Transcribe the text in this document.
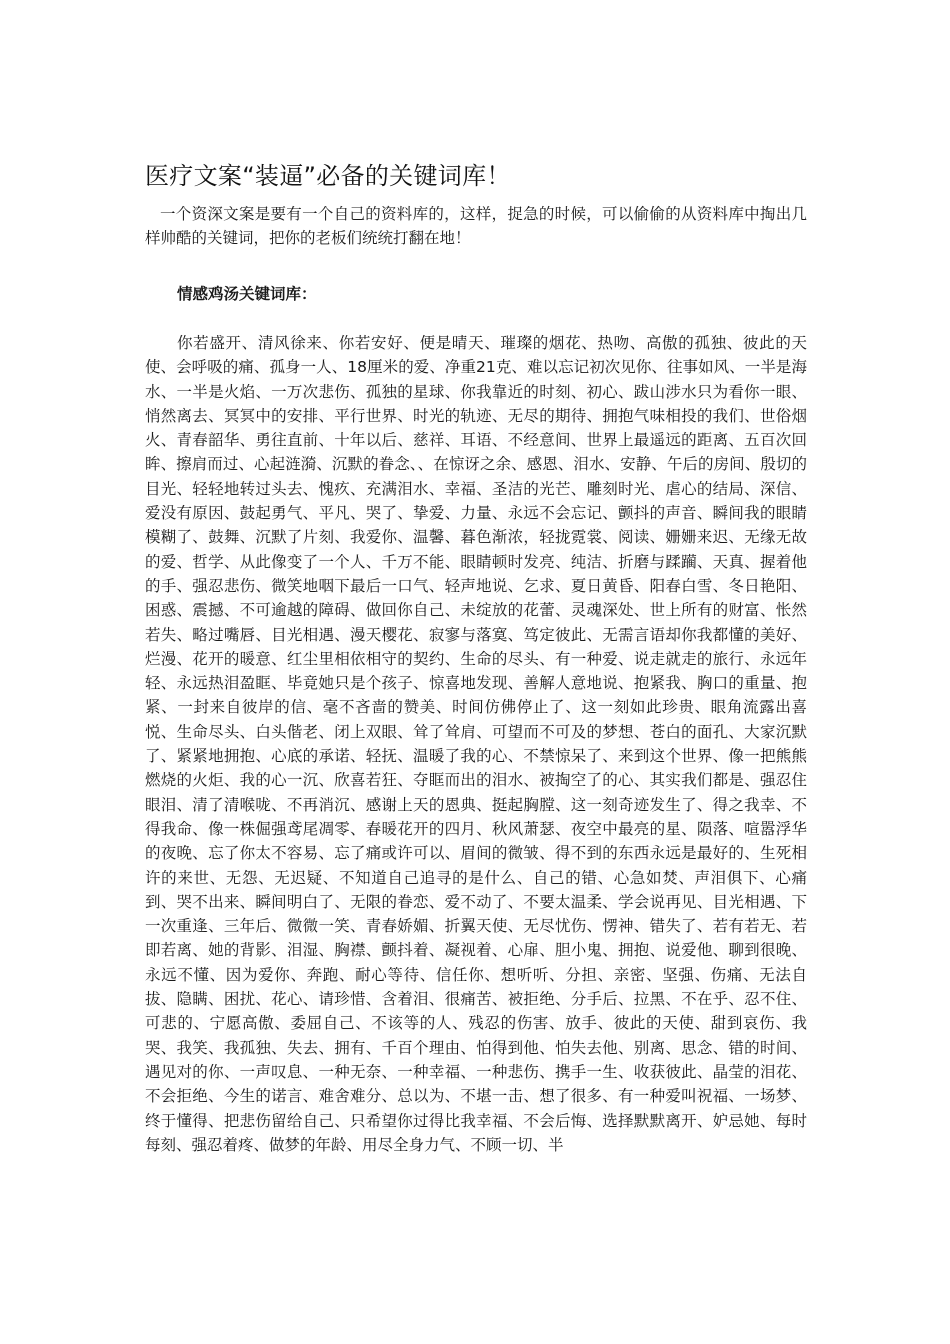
医疗文案“装逼”必备的关键词库！

一个资深文案是要有一个自己的资料库的，这样，捉急的时候，可以偷偷的从资料库中掏出几样帅酷的关键词，把你的老板们统统打翻在地！

情感鸡汤关键词库：

你若盛开、清风徐来、你若安好、便是晴天、璀璨的烟花、热吻、高傲的孤独、彼此的天使、会呼吸的痛、孤身一人、18厘米的爱、净重21克、难以忘记初次见你、往事如风、一半是海水、一半是火焰、一万次悲伤、孤独的星球、你我靠近的时刻、初心、跋山涉水只为看你一眼、悄然离去、冥冥中的安排、平行世界、时光的轨迹、无尽的期待、拥抱气味相投的我们、世俗烟火、青春韶华、勇往直前、十年以后、慈祥、耳语、不经意间、世界上最遥远的距离、五百次回眸、擦肩而过、心起涟漪、沉默的眷念、、在惊讶之余、感恩、泪水、安静、午后的房间、殷切的目光、轻轻地转过头去、愧疚、充满泪水、幸福、圣洁的光芒、雕刻时光、虐心的结局、深信、爱没有原因、鼓起勇气、平凡、哭了、挚爱、力量、永远不会忘记、颤抖的声音、瞬间我的眼睛模糊了、鼓舞、沉默了片刻、我爱你、温馨、暮色渐浓，轻拢霓裳、阅读、姗姗来迟、无缘无故的爱、哲学、从此像变了一个人、千万不能、眼睛顿时发亮、纯洁、折磨与蹂躏、天真、握着他的手、强忍悲伤、微笑地咽下最后一口气、轻声地说、乞求、夏日黄昏、阳春白雪、冬日艳阳、困惑、震撼、不可逾越的障碍、做回你自己、未绽放的花蕾、灵魂深处、世上所有的财富、怅然若失、略过嘴唇、目光相遇、漫天樱花、寂寥与落寞、笃定彼此、无需言语却你我都懂的美好、烂漫、花开的暖意、红尘里相依相守的契约、生命的尽头、有一种爱、说走就走的旅行、永远年轻、永远热泪盈眶、毕竟她只是个孩子、惊喜地发现、善解人意地说、抱紧我、胸口的重量、抱紧、一封来自彼岸的信、毫不吝啬的赞美、时间仿佛停止了、这一刻如此珍贵、眼角流露出喜悦、生命尽头、白头偕老、闭上双眼、耸了耸肩、可望而不可及的梦想、苍白的面孔、大家沉默了、紧紧地拥抱、心底的承诺、轻抚、温暖了我的心、不禁惊呆了、来到这个世界、像一把熊熊燃烧的火炬、我的心一沉、欣喜若狂、夺眶而出的泪水、被掏空了的心、其实我们都是、强忍住眼泪、清了清喉咙、不再消沉、感谢上天的恩典、挺起胸膛、这一刻奇迹发生了、得之我幸、不得我命、像一株倔强鸢尾凋零、春暖花开的四月、秋风萧瑟、夜空中最亮的星、陨落、喧嚣浮华的夜晚、忘了你太不容易、忘了痛或许可以、眉间的微皱、得不到的东西永远是最好的、生死相许的来世、无怨、无迟疑、不知道自己追寻的是什么、自己的错、心急如焚、声泪俱下、心痛到、哭不出来、瞬间明白了、无限的眷恋、爱不动了、不要太温柔、学会说再见、目光相遇、下一次重逢、三年后、微微一笑、青春娇媚、折翼天使、无尽忧伤、愣神、错失了、若有若无、若即若离、她的背影、泪湿、胸襟、颤抖着、凝视着、心扉、胆小鬼、拥抱、说爱他、聊到很晚、永远不懂、因为爱你、奔跑、耐心等待、信任你、想听听、分担、亲密、坚强、伤痛、无法自拔、隐瞒、困扰、花心、请珍惜、含着泪、很痛苦、被拒绝、分手后、拉黑、不在乎、忍不住、可悲的、宁愿高傲、委屈自己、不该等的人、残忍的伤害、放手、彼此的天使、甜到哀伤、我哭、我笑、我孤独、失去、拥有、千百个理由、怕得到他、怕失去他、别离、思念、错的时间、遇见对的你、一声叹息、一种无奈、一种幸福、一种悲伤、携手一生、收获彼此、晶莹的泪花、不会拒绝、今生的诺言、难舍难分、总以为、不堪一击、想了很多、有一种爱叫祝福、一场梦、终于懂得、把悲伤留给自己、只希望你过得比我幸福、不会后悔、选择默默离开、妒忌她、每时每刻、强忍着疼、做梦的年龄、用尽全身力气、不顾一切、半
